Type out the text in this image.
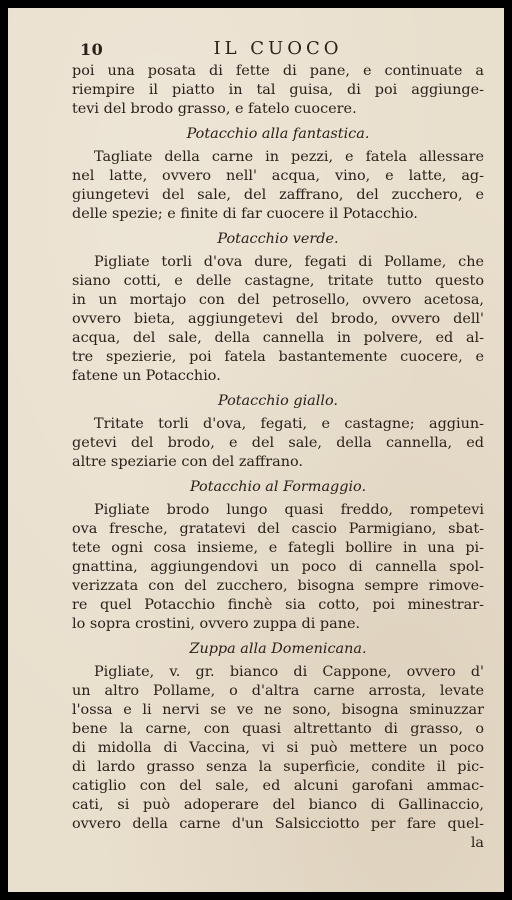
10	IL CUOCO

poi una posata di fette di pane, e continuate a

riempire il piatto in tal guisa, di poi aggiunge-

tevi del brodo grasso, e fatelo cuocere.

Potacchio alla fantastica.

Tagliate della carne in pezzi, e fatela allessare

nel latte, ovvero nell' acqua, vino, e latte, ag-

giungetevi del sale, del zaffrano, del zucchero, e

delle spezie; e finite di far cuocere il Potacchio.

Potacchio verde.

Pigliate torli d'ova dure, fegati di Pollame, che

siano cotti, e delle castagne, tritate tutto questo

in un mortajo con del petrosello, ovvero acetosa,

ovvero bieta, aggiungetevi del brodo, ovvero dell'

acqua, del sale, della cannella in polvere, ed al-

tre spezierie, poi fatela bastantemente cuocere, e

fatene un Potacchio.

Potacchio giallo.

Tritate torli d'ova, fegati, e castagne; aggiun-

getevi del brodo, e del sale, della cannella, ed

altre speziarie con del zaffrano.

Potacchio al Formaggio.

Pigliate brodo lungo quasi freddo, rompetevi

ova fresche, gratatevi del cascio Parmigiano, sbat-

tete ogni cosa insieme, e fategli bollire in una pi-

gnattina, aggiungendovi un poco di cannella spol-

verizzata con del zucchero, bisogna sempre rimove-

re quel Potacchio finchè sia cotto, poi minestrar-

lo sopra crostini, ovvero zuppa di pane.

Zuppa alla Domenicana.

Pigliate, v. gr. bianco di Cappone, ovvero d'

un altro Pollame, o d'altra carne arrosta, levate

l'ossa e li nervi se ve ne sono, bisogna sminuzzar

bene la carne, con quasi altrettanto di grasso, o

di midolla di Vaccina, vi si può mettere un poco

di lardo grasso senza la superficie, condite il pic-

catiglio con del sale, ed alcuni garofani ammac-

cati, si può adoperare del bianco di Gallinaccio,

ovvero della carne d'un Salsicciotto per fare quel-

la
